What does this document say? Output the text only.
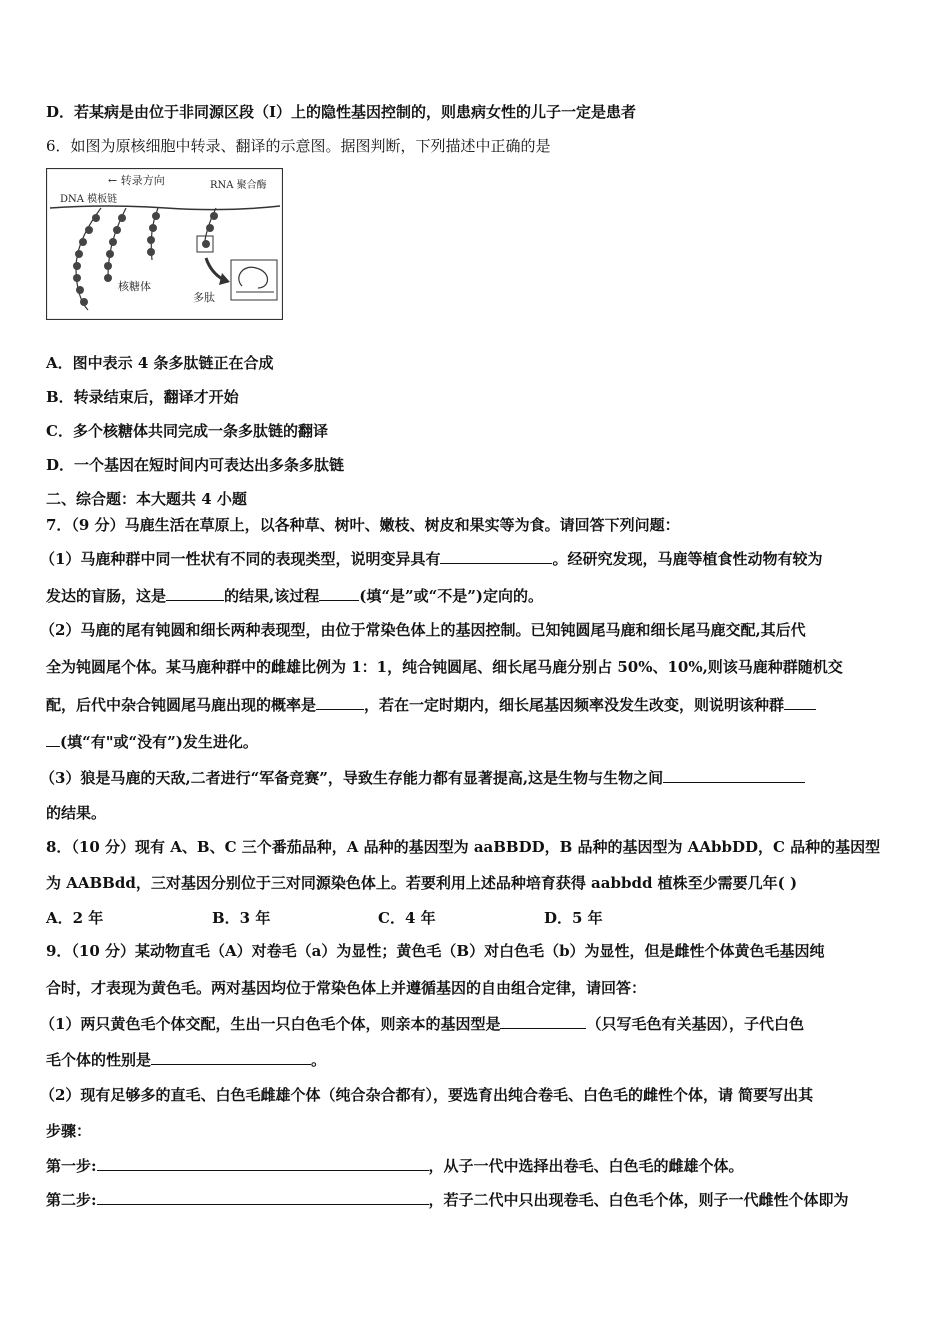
D．若某病是由位于非同源区段（Ⅰ）上的隐性基因控制的，则患病女性的儿子一定是患者
6．如图为原核细胞中转录、翻译的示意图。据图判断，下列描述中正确的是
← 转录方向
DNA 模板链
RNA 聚合酶
核糖体
多肽
A．图中表示 4 条多肽链正在合成
B．转录结束后，翻译才开始
C．多个核糖体共同完成一条多肽链的翻译
D．一个基因在短时间内可表达出多条多肽链
二、综合题：本大题共 4 小题
7．（9 分）马鹿生活在草原上，以各种草、树叶、嫩枝、树皮和果实等为食。请回答下列问题：
（1）马鹿种群中同一性状有不同的表现类型，说明变异具有	。经研究发现，马鹿等植食性动物有较为
发达的盲肠，这是	的结果,该过程	(填“是”或“不是”)定向的。
（2）马鹿的尾有钝圆和细长两种表现型，由位于常染色体上的基因控制。已知钝圆尾马鹿和细长尾马鹿交配,其后代
全为钝圆尾个体。某马鹿种群中的雌雄比例为 1：1，纯合钝圆尾、细长尾马鹿分别占 50%、10%,则该马鹿种群随机交
配，后代中杂合钝圆尾马鹿出现的概率是	，若在一定时期内，细长尾基因频率没发生改变，则说明该种群
(填“有"或“没有”)发生进化。
（3）狼是马鹿的天敌,二者进行“军备竞赛”，导致生存能力都有显著提高,这是生物与生物之间
的结果。
8．（10 分）现有 A、B、C 三个番茄品种，A 品种的基因型为 aaBBDD，B 品种的基因型为 AAbbDD，C 品种的基因型
为 AABBdd，三对基因分别位于三对同源染色体上。若要利用上述品种培育获得 aabbdd 植株至少需要几年( )
A．2 年	B．3 年	C．4 年	D．5 年
9．（10 分）某动物直毛（A）对卷毛（a）为显性；黄色毛（B）对白色毛（b）为显性，但是雌性个体黄色毛基因纯
合时，才表现为黄色毛。两对基因均位于常染色体上并遵循基因的自由组合定律，请回答：
（1）两只黄色毛个体交配，生出一只白色毛个体，则亲本的基因型是	（只写毛色有关基因），子代白色
毛个体的性别是	。
（2）现有足够多的直毛、白色毛雌雄个体（纯合杂合都有），要选育出纯合卷毛、白色毛的雌性个体，请 简要写出其
步骤：
第一步:	，从子一代中选择出卷毛、白色毛的雌雄个体。
第二步:	，若子二代中只出现卷毛、白色毛个体，则子一代雌性个体即为
